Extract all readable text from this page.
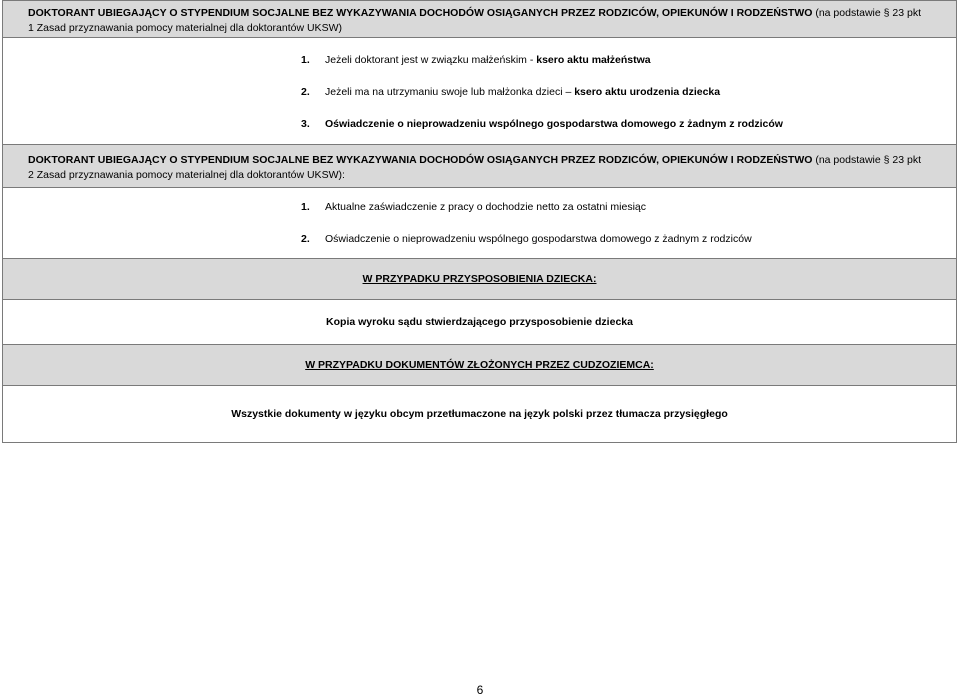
DOKTORANT UBIEGAJĄCY O STYPENDIUM SOCJALNE BEZ WYKAZYWANIA DOCHODÓW OSIĄGANYCH PRZEZ RODZICÓW, OPIEKUNÓW I RODZEŃSTWO (na podstawie § 23 pkt 1 Zasad przyznawania pomocy materialnej dla doktorantów UKSW)

1. Jeżeli doktorant jest w związku małżeńskim - ksero aktu małżeństwa
2. Jeżeli ma na utrzymaniu swoje lub małżonka dzieci – ksero aktu urodzenia dziecka
3. Oświadczenie o nieprowadzeniu wspólnego gospodarstwa domowego z żadnym z rodziców

DOKTORANT UBIEGAJĄCY O STYPENDIUM SOCJALNE BEZ WYKAZYWANIA DOCHODÓW OSIĄGANYCH PRZEZ RODZICÓW, OPIEKUNÓW I RODZEŃSTWO (na podstawie § 23 pkt 2 Zasad przyznawania pomocy materialnej dla doktorantów UKSW):

1. Aktualne zaświadczenie z pracy o dochodzie netto za ostatni miesiąc
2. Oświadczenie o nieprowadzeniu wspólnego gospodarstwa domowego z żadnym z rodziców

W PRZYPADKU PRZYSPOSOBIENIA DZIECKA:
Kopia wyroku sądu stwierdzającego przysposobienie dziecka
W PRZYPADKU DOKUMENTÓW ZŁOŻONYCH PRZEZ CUDZOZIEMCA:
Wszystkie dokumenty w języku obcym przetłumaczone na język polski przez tłumacza przysięgłego
6
